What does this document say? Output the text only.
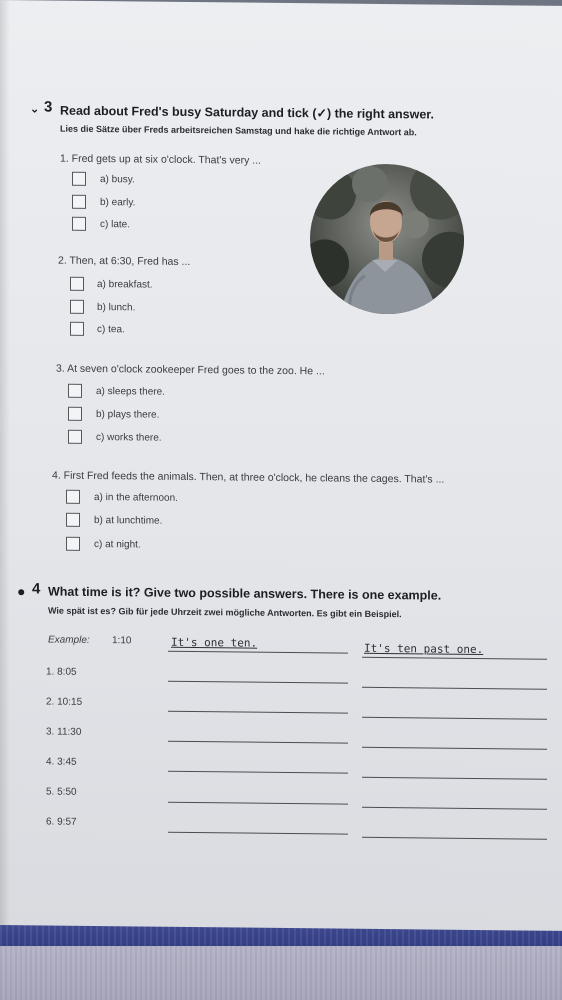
⌄ 3 Read about Fred's busy Saturday and tick (✓) the right answer.
Lies die Sätze über Freds arbeitsreichen Samstag und hake die richtige Antwort ab.
1. Fred gets up at six o'clock. That's very ...
a) busy.
b) early.
c) late.
2. Then, at 6:30, Fred has ...
a) breakfast.
b) lunch.
c) tea.
3. At seven o'clock zookeeper Fred goes to the zoo. He ...
a) sleeps there.
b) plays there.
c) works there.
4. First Fred feeds the animals. Then, at three o'clock, he cleans the cages. That's ...
a) in the afternoon.
b) at lunchtime.
c) at night.
● 4 What time is it? Give two possible answers. There is one example.
Wie spät ist es? Gib für jede Uhrzeit zwei mögliche Antworten. Es gibt ein Beispiel.
Example: 1:10	It's one ten.	It's ten past one.
1. 8:05
2. 10:15
3. 11:30
4. 3:45
5. 5:50
6. 9:57
